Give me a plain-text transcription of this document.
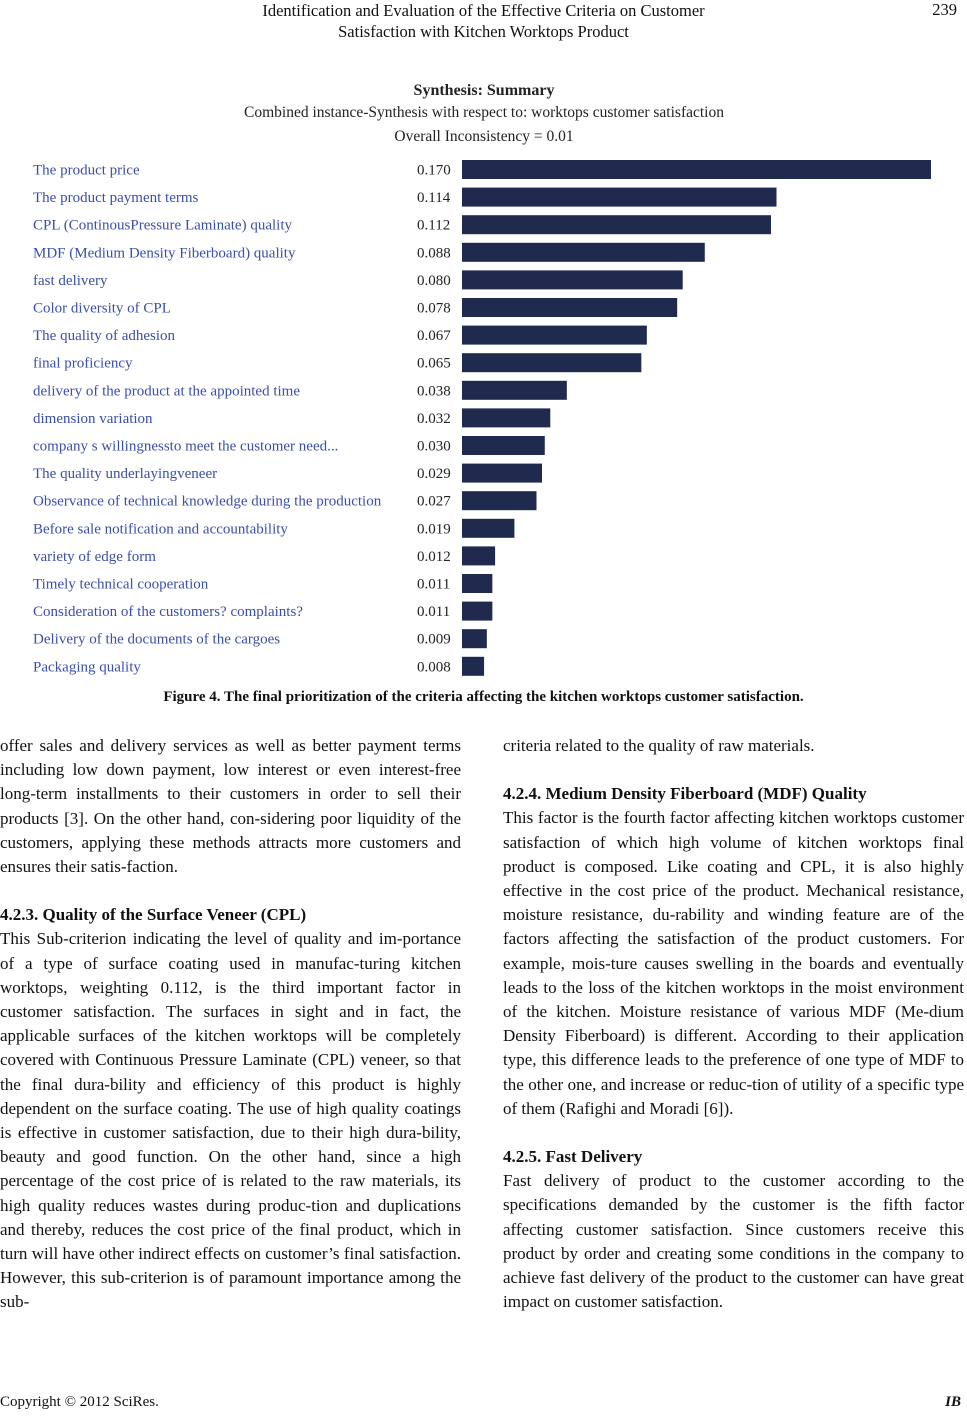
Identification and Evaluation of the Effective Criteria on Customer
Satisfaction with Kitchen Worktops Product
239
Synthesis: Summary
Combined instance-Synthesis with respect to: worktops customer satisfaction
Overall Inconsistency = 0.01
The product price	0.170
The product payment terms	0.114
CPL (ContinousPressure Laminate) quality	0.112
MDF (Medium Density Fiberboard) quality	0.088
fast delivery	0.080
Color diversity of CPL	0.078
The quality of adhesion	0.067
final proficiency	0.065
delivery of the product at the appointed time	0.038
dimension variation	0.032
company s willingnessto meet the customer need...	0.030
The quality underlayingveneer	0.029
Observance of technical knowledge during the production 0.027
Before sale notification and accountability	0.019
variety of edge form	0.012
Timely technical cooperation	0.011
Consideration of the customers? complaints?	0.011
Delivery of the documents of the cargoes	0.009
Packaging quality	0.008
Figure 4. The final prioritization of the criteria affecting the kitchen worktops customer satisfaction.

offer sales and delivery services as well as better payment terms including low down payment, low interest or even interest-free long-term installments to their customers in order to sell their products [3]. On the other hand, con-sidering poor liquidity of the customers, applying these methods attracts more customers and ensures their satis-faction.

4.2.3. Quality of the Surface Veneer (CPL)

This Sub-criterion indicating the level of quality and im-portance of a type of surface coating used in manufac-turing kitchen worktops, weighting 0.112, is the third important factor in customer satisfaction. The surfaces in sight and in fact, the applicable surfaces of the kitchen worktops will be completely covered with Continuous Pressure Laminate (CPL) veneer, so that the final dura-bility and efficiency of this product is highly dependent on the surface coating. The use of high quality coatings is effective in customer satisfaction, due to their high dura-bility, beauty and good function. On the other hand, since a high percentage of the cost price of is related to the raw materials, its high quality reduces wastes during produc-tion and duplications and thereby, reduces the cost price of the final product, which in turn will have other indirect effects on customer’s final satisfaction. However, this sub-criterion is of paramount importance among the sub-

criteria related to the quality of raw materials.

4.2.4. Medium Density Fiberboard (MDF) Quality

This factor is the fourth factor affecting kitchen worktops customer satisfaction of which high volume of kitchen worktops final product is composed. Like coating and CPL, it is also highly effective in the cost price of the product. Mechanical resistance, moisture resistance, du-rability and winding feature are of the factors affecting the satisfaction of the product customers. For example, mois-ture causes swelling in the boards and eventually leads to the loss of the kitchen worktops in the moist environment of the kitchen. Moisture resistance of various MDF (Me-dium Density Fiberboard) is different. According to their application type, this difference leads to the preference of one type of MDF to the other one, and increase or reduc-tion of utility of a specific type of them (Rafighi and Moradi [6]).

4.2.5. Fast Delivery

Fast delivery of product to the customer according to the specifications demanded by the customer is the fifth factor affecting customer satisfaction. Since customers receive this product by order and creating some conditions in the company to achieve fast delivery of the product to the customer can have great impact on customer satisfaction.

Copyright © 2012 SciRes.	IB
